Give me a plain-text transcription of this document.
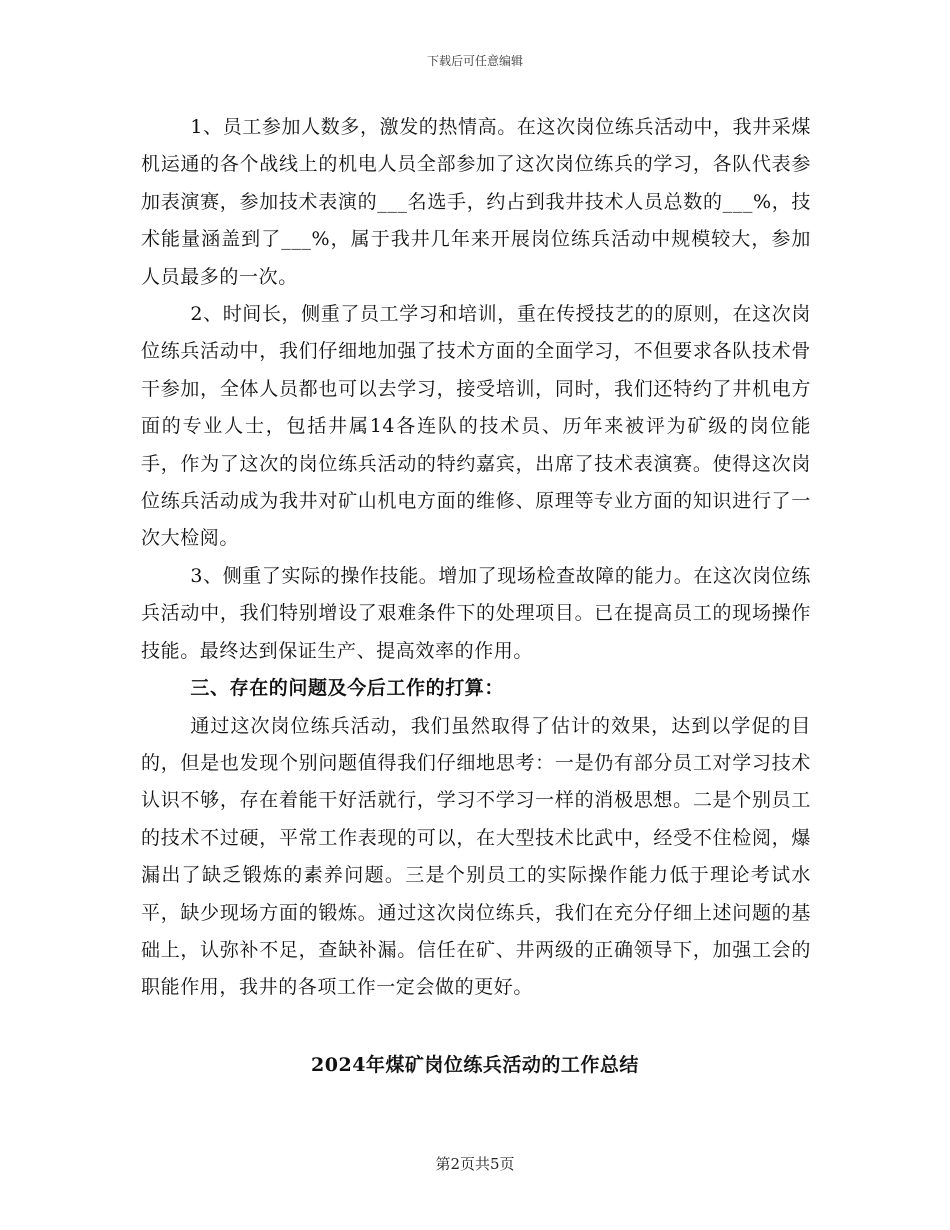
下载后可任意编辑

1、员工参加人数多，激发的热情高。在这次岗位练兵活动中，我井采煤机运通的各个战线上的机电人员全部参加了这次岗位练兵的学习，各队代表参加表演赛，参加技术表演的___名选手，约占到我井技术人员总数的___%，技术能量涵盖到了___%，属于我井几年来开展岗位练兵活动中规模较大，参加人员最多的一次。

2、时间长，侧重了员工学习和培训，重在传授技艺的的原则，在这次岗位练兵活动中，我们仔细地加强了技术方面的全面学习，不但要求各队技术骨干参加，全体人员都也可以去学习，接受培训，同时，我们还特约了井机电方面的专业人士，包括井属14各连队的技术员、历年来被评为矿级的岗位能手，作为了这次的岗位练兵活动的特约嘉宾，出席了技术表演赛。使得这次岗位练兵活动成为我井对矿山机电方面的维修、原理等专业方面的知识进行了一次大检阅。

3、侧重了实际的操作技能。增加了现场检查故障的能力。在这次岗位练兵活动中，我们特别增设了艰难条件下的处理项目。已在提高员工的现场操作技能。最终达到保证生产、提高效率的作用。

三、存在的问题及今后工作的打算：

通过这次岗位练兵活动，我们虽然取得了估计的效果，达到以学促的目的，但是也发现个别问题值得我们仔细地思考：一是仍有部分员工对学习技术认识不够，存在着能干好活就行，学习不学习一样的消极思想。二是个别员工的技术不过硬，平常工作表现的可以，在大型技术比武中，经受不住检阅，爆漏出了缺乏锻炼的素养问题。三是个别员工的实际操作能力低于理论考试水平，缺少现场方面的锻炼。通过这次岗位练兵，我们在充分仔细上述问题的基础上，认弥补不足，查缺补漏。信任在矿、井两级的正确领导下，加强工会的职能作用，我井的各项工作一定会做的更好。

2024年煤矿岗位练兵活动的工作总结
第2页共5页
